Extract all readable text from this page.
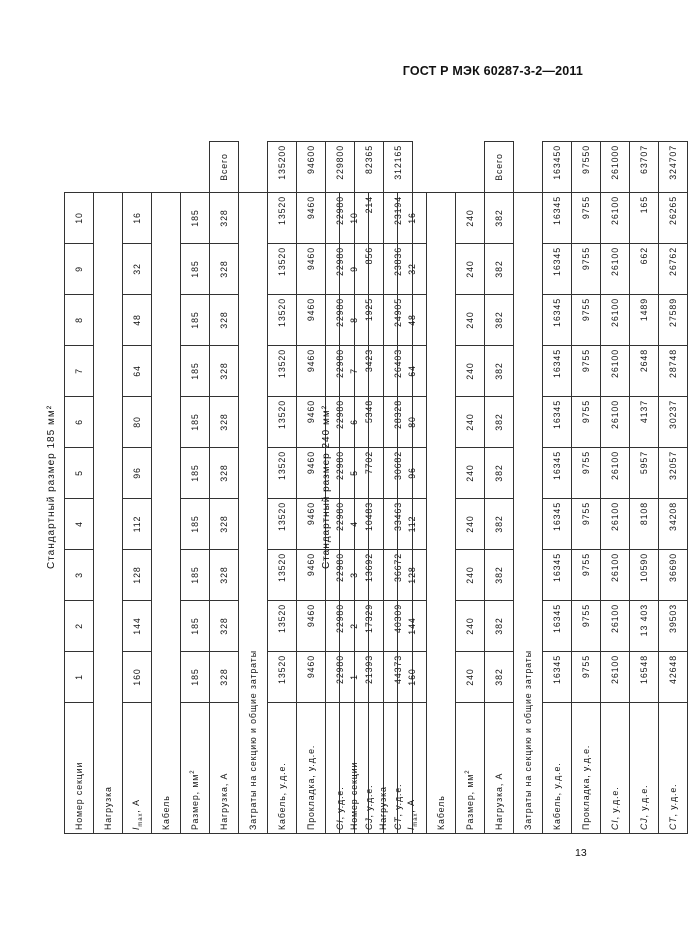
ГОСТ Р МЭК 60287-3-2—2011
Стандартный размер 185 мм²
Номер секции	1	2	3	4	5	6	7	8	9	10	
Нагрузка											
$I_{max}$, А	160	144	128	112	96	80	64	48	32	16	
Кабель											
Размер, $мм^2$	185	185	185	185	185	185	185	185	185	185	
Нагрузка, А	328	328	328	328	328	328	328	328	328	328	Всего
Затраты на секцию и общие затраты											
Кабель, у.д.е.	13520	13520	13520	13520	13520	13520	13520	13520	13520	13520	135200
Прокладка, у.д.е.	9460	9460	9460	9460	9460	9460	9460	9460	9460	9460	94600
CI, у.д.е.	22980	22980	22980	22980	22980	22980	22980	22980	22980	22980	229800
CJ, у.д.е.	21393	17329	13692	10483	7702	5348	3423	1925	856	214	82365
CT, у.д.е.	44373	40309	36672	33463	30682	28328	26403	24905	23836	23194	312165
Стандартный размер 240 мм²
Номер секции	1	2	3	4	5	6	7	8	9	10	
Нагрузка											
$I_{max}$, А	160	144	128	112	96	80	64	48	32	16	
Кабель											
Размер, $мм^2$	240	240	240	240	240	240	240	240	240	240	
Нагрузка, А	382	382	382	382	382	382	382	382	382	382	Всего
Затраты на секцию и общие затраты											
Кабель, у.д.е.	16345	16345	16345	16345	16345	16345	16345	16345	16345	16345	163450
Прокладка, у.д.е.	9755	9755	9755	9755	9755	9755	9755	9755	9755	9755	97550
CI, у.д.е.	26100	26100	26100	26100	26100	26100	26100	26100	26100	26100	261000
CJ, у.д.е.	16548	13 403	10590	8108	5957	4137	2648	1489	662	165	63707
CT, у.д.е.	42648	39503	36690	34208	32057	30237	28748	27589	26762	26265	324707
13
